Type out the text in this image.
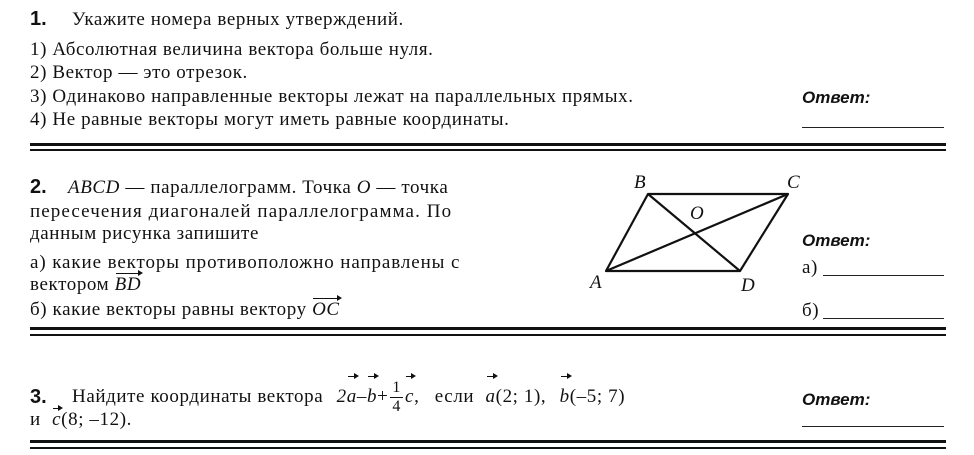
1. Укажите номера верных утверждений.
1) Абсолютная величина вектора больше нуля.
2) Вектор — это отрезок.
3) Одинаково направленные векторы лежат на параллельных прямых.
4) Не равные векторы могут иметь равные координаты.
Ответ:
2. ABCD — параллелограмм. Точка O — точка
пересечения диагоналей параллелограмма. По
данным рисунка запишите
а) какие векторы противоположно направлены с
вектором BD
б) какие векторы равны вектору OC
B	C
O
A	D
Ответ:
а)
б)
3. Найдите координаты вектора $2a-b+ \frac{1}{4} c$, если a(2; 1), b(–5; 7)
и c(8; –12).
Ответ:
